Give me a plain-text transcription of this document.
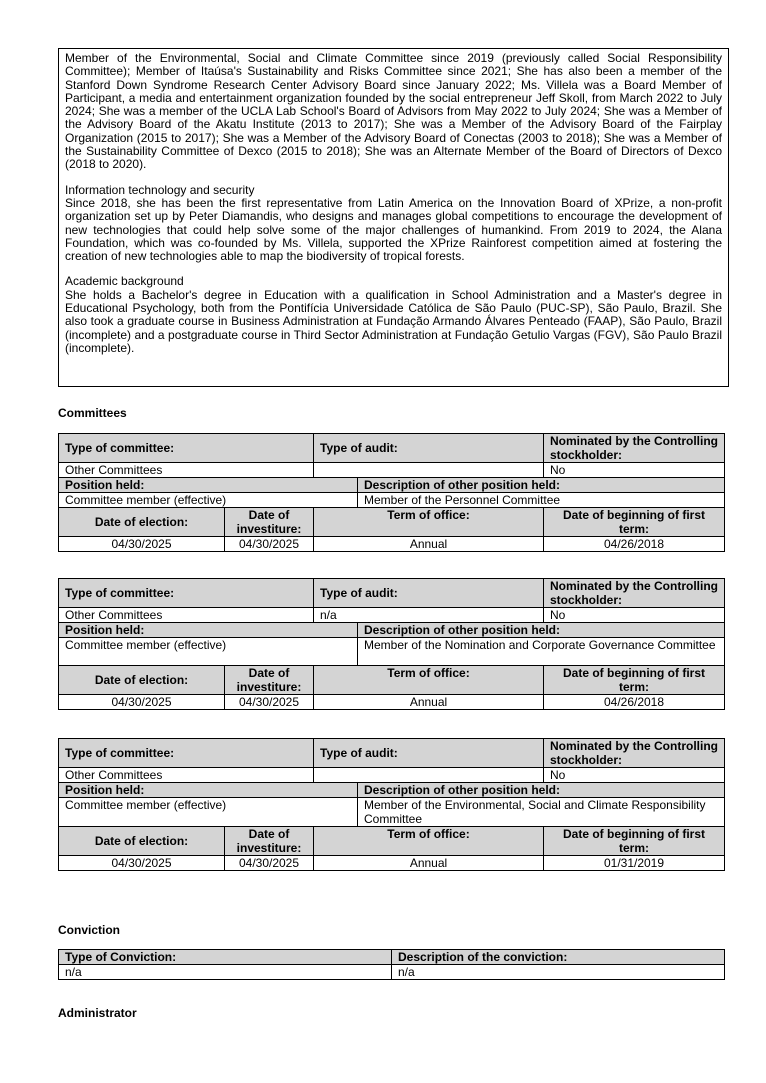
Member of the Environmental, Social and Climate Committee since 2019 (previously called Social Responsibility Committee); Member of Itaúsa's Sustainability and Risks Committee since 2021; She has also been a member of the Stanford Down Syndrome Research Center Advisory Board since January 2022; Ms. Villela was a Board Member of Participant, a media and entertainment organization founded by the social entrepreneur Jeff Skoll, from March 2022 to July 2024; She was a member of the UCLA Lab School's Board of Advisors from May 2022 to July 2024; She was a Member of the Advisory Board of the Akatu Institute (2013 to 2017); She was a Member of the Advisory Board of the Fairplay Organization (2015 to 2017); She was a Member of the Advisory Board of Conectas (2003 to 2018); She was a Member of the Sustainability Committee of Dexco (2015 to 2018); She was an Alternate Member of the Board of Directors of Dexco (2018 to 2020).

Information technology and security
Since 2018, she has been the first representative from Latin America on the Innovation Board of XPrize, a non-profit organization set up by Peter Diamandis, who designs and manages global competitions to encourage the development of new technologies that could help solve some of the major challenges of humankind. From 2019 to 2024, the Alana Foundation, which was co-founded by Ms. Villela, supported the XPrize Rainforest competition aimed at fostering the creation of new technologies able to map the biodiversity of tropical forests.

Academic background
She holds a Bachelor's degree in Education with a qualification in School Administration and a Master's degree in Educational Psychology, both from the Pontifícia Universidade Católica de São Paulo (PUC-SP), São Paulo, Brazil. She also took a graduate course in Business Administration at Fundação Armando Álvares Penteado (FAAP), São Paulo, Brazil (incomplete) and a postgraduate course in Third Sector Administration at Fundação Getulio Vargas (FGV), São Paulo Brazil (incomplete).

Committees
Type of committee:		Type of audit:		Nominated by the Controlling stockholder:
Other Committees				No
Position held:			Description of other position held:	
Committee member (effective)			Member of the Personnel Committee	
Date of election:	Date of investiture:	Term of office:		Date of beginning of first term:
04/30/2025	04/30/2025	Annual		04/26/2018
Type of committee:		Type of audit:		Nominated by the Controlling stockholder:
Other Committees		n/a		No
Position held:			Description of other position held:	
Committee member (effective)			Member of the Nomination and Corporate Governance Committee	
Date of election:	Date of investiture:	Term of office:		Date of beginning of first term:
04/30/2025	04/30/2025	Annual		04/26/2018
Type of committee:		Type of audit:		Nominated by the Controlling stockholder:
Other Committees				No
Position held:			Description of other position held:	
Committee member (effective)			Member of the Environmental, Social and Climate Responsibility Committee	
Date of election:	Date of investiture:	Term of office:		Date of beginning of first term:
04/30/2025	04/30/2025	Annual		01/31/2019
Conviction
Type of Conviction:	Description of the conviction:
n/a	n/a
Administrator
